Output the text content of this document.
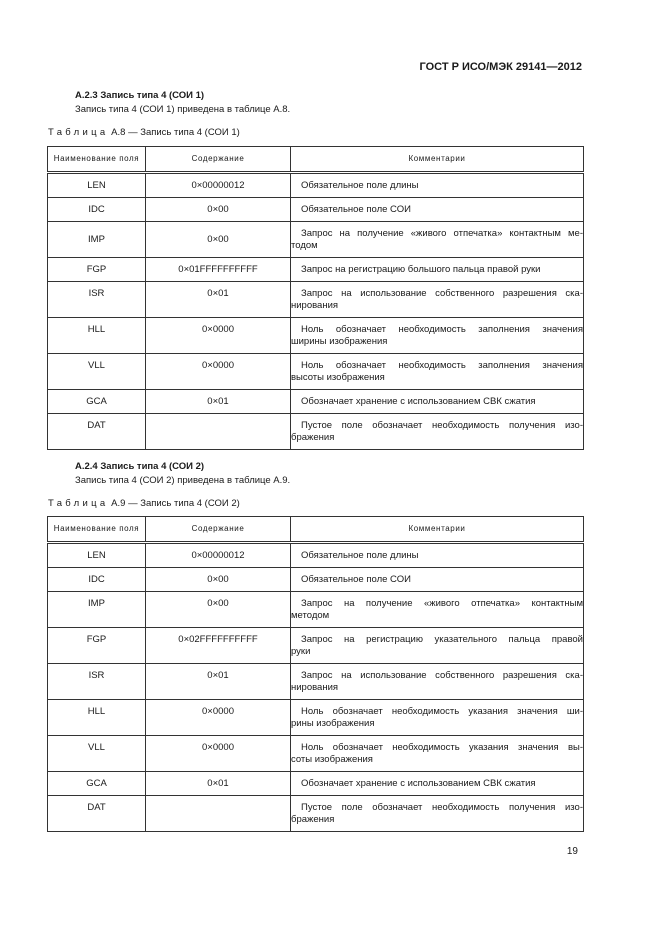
ГОСТ Р ИСО/МЭК 29141—2012
А.2.3 Запись типа 4 (СОИ 1)
Запись типа 4 (СОИ 1) приведена в таблице А.8.
Таблица А.8 — Запись типа 4 (СОИ 1)
Наименование поля	Содержание	Комментарии
LEN	0×00000012	Обязательное поле длины

IDC	0×00	Обязательное поле СОИ

IMP	0×00	Запрос на получение «живого отпечатка» контактным ме-
тодом

FGP	0×01FFFFFFFFFF	Запрос на регистрацию большого пальца правой руки

ISR	0×01	Запрос на использование собственного разрешения ска-
нирования

HLL	0×0000	Ноль обозначает необходимость заполнения значения
ширины изображения

VLL	0×0000	Ноль обозначает необходимость заполнения значения
высоты изображения

GCA	0×01	Обозначает хранение с использованием СВК сжатия

DAT		Пустое поле обозначает необходимость получения изо-
бражения
А.2.4 Запись типа 4 (СОИ 2)
Запись типа 4 (СОИ 2) приведена в таблице А.9.
Таблица А.9 — Запись типа 4 (СОИ 2)
Наименование поля	Содержание	Комментарии
LEN	0×00000012	Обязательное поле длины

IDC	0×00	Обязательное поле СОИ

IMP	0×00	Запрос на получение «живого отпечатка» контактным
методом

FGP	0×02FFFFFFFFFF	Запрос на регистрацию указательного пальца правой
руки

ISR	0×01	Запрос на использование собственного разрешения ска-
нирования

HLL	0×0000	Ноль обозначает необходимость указания значения ши-
рины изображения

VLL	0×0000	Ноль обозначает необходимость указания значения вы-
соты изображения

GCA	0×01	Обозначает хранение с использованием СВК сжатия

DAT		Пустое поле обозначает необходимость получения изо-
бражения
19
